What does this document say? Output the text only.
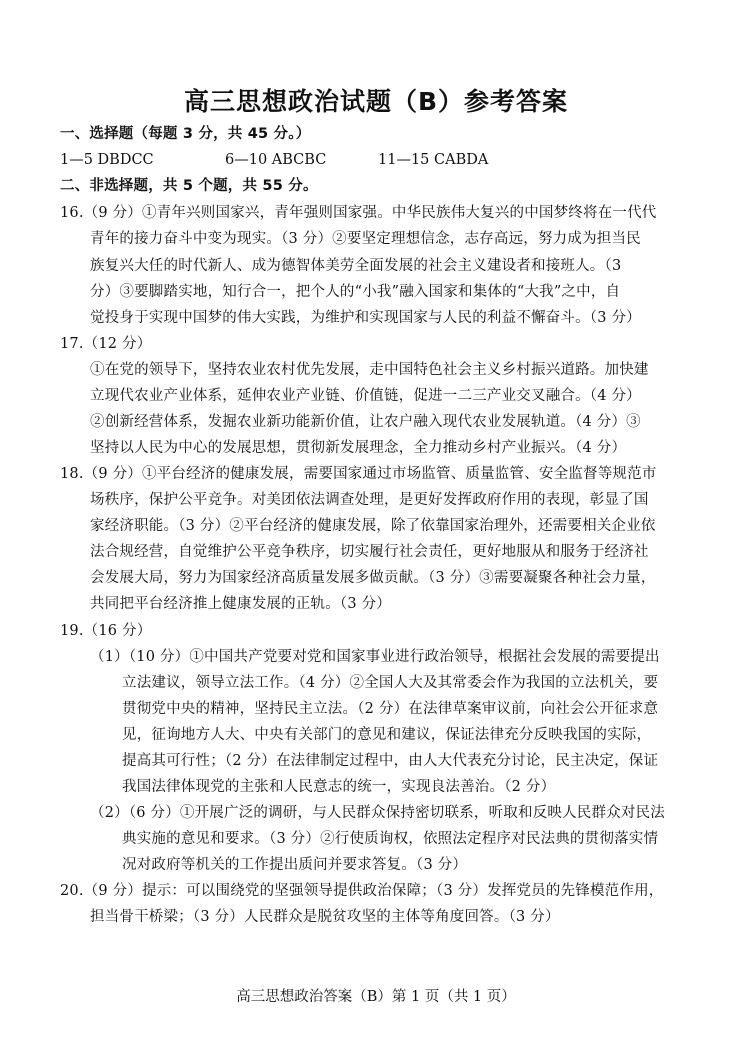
高三思想政治试题（B）参考答案
一、选择题（每题 3 分，共 45 分。）
1—5 DBDCC	6—10 ABCBC	11—15 CABDA
二、非选择题，共 5 个题，共 55 分。
16.（9 分）①青年兴则国家兴，青年强则国家强。中华民族伟大复兴的中国梦终将在一代代
青年的接力奋斗中变为现实。（3 分）②要坚定理想信念，志存高远，努力成为担当民
族复兴大任的时代新人、成为德智体美劳全面发展的社会主义建设者和接班人。（3
分）③要脚踏实地，知行合一，把个人的“小我”融入国家和集体的“大我”之中，自
觉投身于实现中国梦的伟大实践，为维护和实现国家与人民的利益不懈奋斗。（3 分）
17.（12 分）
①在党的领导下，坚持农业农村优先发展，走中国特色社会主义乡村振兴道路。加快建
立现代农业产业体系，延伸农业产业链、价值链，促进一二三产业交叉融合。（4 分）
②创新经营体系，发掘农业新功能新价值，让农户融入现代农业发展轨道。（4 分）③
坚持以人民为中心的发展思想，贯彻新发展理念，全力推动乡村产业振兴。（4 分）
18.（9 分）①平台经济的健康发展，需要国家通过市场监管、质量监管、安全监督等规范市
场秩序，保护公平竞争。对美团依法调查处理，是更好发挥政府作用的表现，彰显了国
家经济职能。（3 分）②平台经济的健康发展，除了依靠国家治理外，还需要相关企业依
法合规经营，自觉维护公平竞争秩序，切实履行社会责任，更好地服从和服务于经济社
会发展大局，努力为国家经济高质量发展多做贡献。（3 分）③需要凝聚各种社会力量，
共同把平台经济推上健康发展的正轨。（3 分）
19.（16 分）
（1）（10 分）①中国共产党要对党和国家事业进行政治领导，根据社会发展的需要提出
立法建议，领导立法工作。（4 分）②全国人大及其常委会作为我国的立法机关，要
贯彻党中央的精神，坚持民主立法。（2 分）在法律草案审议前，向社会公开征求意
见，征询地方人大、中央有关部门的意见和建议，保证法律充分反映我国的实际，
提高其可行性；（2 分）在法律制定过程中，由人大代表充分讨论，民主决定，保证
我国法律体现党的主张和人民意志的统一，实现良法善治。（2 分）
（2）（6 分）①开展广泛的调研，与人民群众保持密切联系，听取和反映人民群众对民法
典实施的意见和要求。（3 分）②行使质询权，依照法定程序对民法典的贯彻落实情
况对政府等机关的工作提出质问并要求答复。（3 分）
20.（9 分）提示：可以围绕党的坚强领导提供政治保障；（3 分）发挥党员的先锋模范作用，
担当骨干桥梁；（3 分）人民群众是脱贫攻坚的主体等角度回答。（3 分）
高三思想政治答案（B）第 1 页（共 1 页）
